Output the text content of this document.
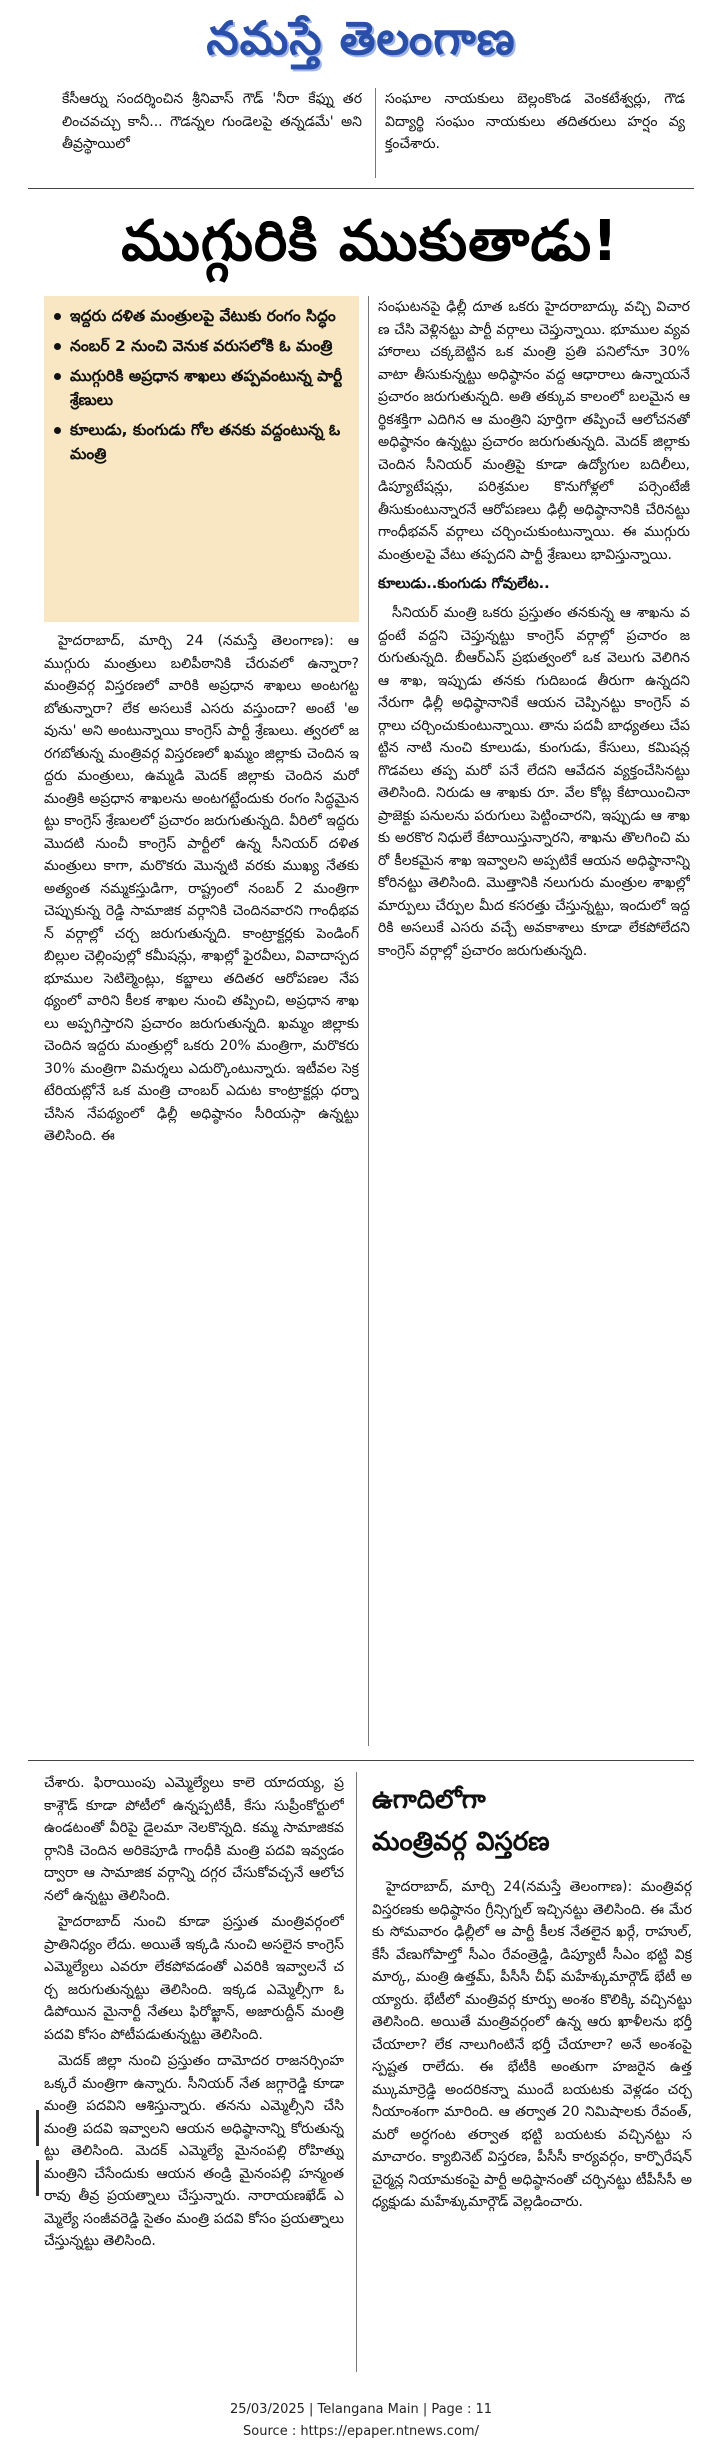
నమస్తే తెలంగాణ

కేసీఆర్ను సందర్శించిన శ్రీనివాస్ గౌడ్ 'నీరా కేఫ్ను తరలించవచ్చు కానీ... గౌడన్నల గుండెలపై తన్నడమే' అని తీవ్రస్థాయిలో

సంఘాల నాయకులు బెల్లంకొండ వెంకటేశ్వర్లు, గౌడ విద్యార్థి సంఘం నాయకులు తదితరులు హర్షం వ్యక్తంచేశారు.

ముగ్గురికి ముకుతాడు!
ఇద్దరు దళిత మంత్రులపై వేటుకు రంగం సిద్ధం
నంబర్ 2 నుంచి వెనుక వరుసలోకి ఓ మంత్రి
ముగ్గురికి అప్రధాన శాఖలు తప్పవంటున్న పార్టీ శ్రేణులు
కూలుడు, కుంగుడు గోల తనకు వద్దంటున్న ఓ మంత్రి

హైదరాబాద్, మార్చి 24 (నమస్తే తెలంగాణ): ఆ ముగ్గురు మంత్రులు బలిపీఠానికి చేరువలో ఉన్నారా? మంత్రివర్గ విస్తరణలో వారికి అప్రధాన శాఖలు అంటగట్టబోతున్నారా? లేక అసలుకే ఎసరు వస్తుందా? అంటే 'అవును' అని అంటున్నాయి కాంగ్రెస్ పార్టీ శ్రేణులు. త్వరలో జరగబోతున్న మంత్రివర్గ విస్తరణలో ఖమ్మం జిల్లాకు చెందిన ఇద్దరు మంత్రులు, ఉమ్మడి మెదక్ జిల్లాకు చెందిన మరో మంత్రికి అప్రధాన శాఖలను అంటగట్టేందుకు రంగం సిద్ధమైనట్టు కాంగ్రెస్ శ్రేణులలో ప్రచారం జరుగుతున్నది. వీరిలో ఇద్దరు మొదటి నుంచీ కాంగ్రెస్ పార్టీలో ఉన్న సీనియర్ దళిత మంత్రులు కాగా, మరొకరు మొన్నటి వరకు ముఖ్య నేతకు అత్యంత నమ్మకస్తుడిగా, రాష్ట్రంలో నంబర్ 2 మంత్రిగా చెప్పుకున్న రెడ్డి సామాజిక వర్గానికి చెందినవారని గాంధీభవన్ వర్గాల్లో చర్చ జరుగుతున్నది. కాంట్రాక్టర్లకు పెండింగ్ బిల్లుల చెల్లింపుల్లో కమీషన్లు, శాఖల్లో ఫైరవీలు, వివాదాస్పద భూముల సెటిల్మెంట్లు, కబ్జాలు తదితర ఆరోపణల నేపథ్యంలో వారిని కీలక శాఖల నుంచి తప్పించి, అప్రధాన శాఖలు అప్పగిస్తారని ప్రచారం జరుగుతున్నది. ఖమ్మం జిల్లాకు చెందిన ఇద్దరు మంత్రుల్లో ఒకరు 20% మంత్రిగా, మరొకరు 30% మంత్రిగా విమర్శలు ఎదుర్కొంటున్నారు. ఇటీవల సెక్రటేరియట్లోనే ఒక మంత్రి చాంబర్ ఎదుట కాంట్రాక్టర్లు ధర్నా చేసిన నేపథ్యంలో ఢిల్లీ అధిష్ఠానం సీరియస్గా ఉన్నట్టు తెలిసింది. ఈ

సంఘటనపై ఢిల్లీ దూత ఒకరు హైదరాబాద్కు వచ్చి విచారణ చేసి వెళ్లినట్టు పార్టీ వర్గాలు చెప్తున్నాయి. భూముల వ్యవహారాలు చక్కబెట్టిన ఒక మంత్రి ప్రతి పనిలోనూ 30% వాటా తీసుకున్నట్టు అధిష్ఠానం వద్ద ఆధారాలు ఉన్నాయనే ప్రచారం జరుగుతున్నది. అతి తక్కువ కాలంలో బలమైన ఆర్థికశక్తిగా ఎదిగిన ఆ మంత్రిని పూర్తిగా తప్పించే ఆలోచనతో అధిష్ఠానం ఉన్నట్టు ప్రచారం జరుగుతున్నది. మెదక్ జిల్లాకు చెందిన సీనియర్ మంత్రిపై కూడా ఉద్యోగుల బదిలీలు, డిప్యూటేషన్లు, పరిశ్రమల కొనుగోళ్లలో పర్సెంటేజీ తీసుకుంటున్నారనే ఆరోపణలు ఢిల్లీ అధిష్ఠానానికి చేరినట్టు గాంధీభవన్ వర్గాలు చర్చించుకుంటున్నాయి. ఈ ముగ్గురు మంత్రులపై వేటు తప్పదని పార్టీ శ్రేణులు భావిస్తున్నాయి.

కూలుడు..కుంగుడు గోవులేట..

సీనియర్ మంత్రి ఒకరు ప్రస్తుతం తనకున్న ఆ శాఖను వద్దంటే వద్దని చెప్తున్నట్టు కాంగ్రెస్ వర్గాల్లో ప్రచారం జరుగుతున్నది. బీఆర్ఎస్ ప్రభుత్వంలో ఒక వెలుగు వెలిగిన ఆ శాఖ, ఇప్పుడు తనకు గుదిబండ తీరుగా ఉన్నదని నేరుగా ఢిల్లీ అధిష్ఠానానికే ఆయన చెప్పినట్టు కాంగ్రెస్ వర్గాలు చర్చించుకుంటున్నాయి. తాను పదవీ బాధ్యతలు చేపట్టిన నాటి నుంచి కూలుడు, కుంగుడు, కేసులు, కమిషన్ల గొడవలు తప్ప మరో పనే లేదని ఆవేదన వ్యక్తంచేసినట్టు తెలిసింది. నిరుడు ఆ శాఖకు రూ. వేల కోట్ల కేటాయించినా ప్రాజెక్టు పనులను పరుగులు పెట్టించారని, ఇప్పుడు ఆ శాఖకు అరకొర నిధులే కేటాయిస్తున్నారని, శాఖను తొలగించి మరో కీలకమైన శాఖ ఇవ్వాలని అప్పటికే ఆయన అధిష్ఠానాన్ని కోరినట్టు తెలిసింది. మొత్తానికి నలుగురు మంత్రుల శాఖల్లో మార్పులు చేర్పుల మీద కసరత్తు చేస్తున్నట్టు, ఇందులో ఇద్దరికి అసలుకే ఎసరు వచ్చే అవకాశాలు కూడా లేకపోలేదని కాంగ్రెస్ వర్గాల్లో ప్రచారం జరుగుతున్నది.

చేశారు. ఫిరాయింపు ఎమ్మెల్యేలు కాలె యాదయ్య, ప్రకాశ్గౌడ్ కూడా పోటీలో ఉన్నప్పటికీ, కేసు సుప్రీంకోర్టులో ఉండటంతో వీరిపై డైలమా నెలకొన్నది. కమ్మ సామాజికవర్గానికి చెందిన అరికెపూడి గాంధీకి మంత్రి పదవి ఇవ్వడం ద్వారా ఆ సామాజిక వర్గాన్ని దగ్గర చేసుకోవచ్చనే ఆలోచనలో ఉన్నట్టు తెలిసింది.

హైదరాబాద్ నుంచి కూడా ప్రస్తుత మంత్రివర్గంలో ప్రాతినిధ్యం లేదు. అయితే ఇక్కడి నుంచి అసలైన కాంగ్రెస్ ఎమ్మెల్యేలు ఎవరూ లేకపోవడంతో ఎవరికి ఇవ్వాలనే చర్చ జరుగుతున్నట్టు తెలిసింది. ఇక్కడ ఎమ్మెల్సీగా ఓడిపోయిన మైనార్టీ నేతలు ఫిరోజ్ఖాన్, అజారుద్దీన్ మంత్రి పదవి కోసం పోటీపడుతున్నట్టు తెలిసింది.

మెదక్ జిల్లా నుంచి ప్రస్తుతం దామోదర రాజనర్సింహ ఒక్కరే మంత్రిగా ఉన్నారు. సీనియర్ నేత జగ్గారెడ్డి కూడా మంత్రి పదవిని ఆశిస్తున్నారు. తనను ఎమ్మెల్సీని చేసి మంత్రి పదవి ఇవ్వాలని ఆయన అధిష్ఠానాన్ని కోరుతున్నట్టు తెలిసింది. మెదక్ ఎమ్మెల్యే మైనంపల్లి రోహిత్ను మంత్రిని చేసేందుకు ఆయన తండ్రి మైనంపల్లి హన్మంతరావు తీవ్ర ప్రయత్నాలు చేస్తున్నారు. నారాయణఖేడ్ ఎమ్మెల్యే సంజీవరెడ్డి సైతం మంత్రి పదవి కోసం ప్రయత్నాలు చేస్తున్నట్టు తెలిసింది.

ఉగాదిలోగా
మంత్రివర్గ విస్తరణ

హైదరాబాద్, మార్చి 24(నమస్తే తెలంగాణ): మంత్రివర్గ విస్తరణకు అధిష్ఠానం గ్రీన్సిగ్నల్ ఇచ్చినట్టు తెలిసింది. ఈ మేరకు సోమవారం ఢిల్లీలో ఆ పార్టీ కీలక నేతలైన ఖర్గే, రాహుల్, కేసీ వేణుగోపాల్తో సీఎం రేవంత్రెడ్డి, డిప్యూటీ సీఎం భట్టి విక్రమార్క, మంత్రి ఉత్తమ్, పీసీసీ చీఫ్ మహేశ్కుమార్గౌడ్ భేటీ అయ్యారు. భేటీలో మంత్రివర్గ కూర్పు అంశం కొలిక్కి వచ్చినట్టు తెలిసింది. అయితే మంత్రివర్గంలో ఉన్న ఆరు ఖాళీలను భర్తీ చేయాలా? లేక నాలుగింటినే భర్తీ చేయాలా? అనే అంశంపై స్పష్టత రాలేదు. ఈ భేటీకి అంతుగా హజరైన ఉత్తమ్కుమార్రెడ్డి అందరికన్నా ముందే బయటకు వెళ్లడం చర్చనీయాంశంగా మారింది. ఆ తర్వాత 20 నిమిషాలకు రేవంత్, మరో అర్ధగంట తర్వాత భట్టి బయటకు వచ్చినట్టు సమాచారం. క్యాబినెట్ విస్తరణ, పీసీసీ కార్యవర్గం, కార్పొరేషన్ చైర్మన్ల నియామకంపై పార్టీ అధిష్ఠానంతో చర్చినట్టు టీపీసీసీ అధ్యక్షుడు మహేశ్కుమార్గౌడ్ వెల్లడించారు.

25/03/2025 | Telangana Main | Page : 11
Source : https://epaper.ntnews.com/
